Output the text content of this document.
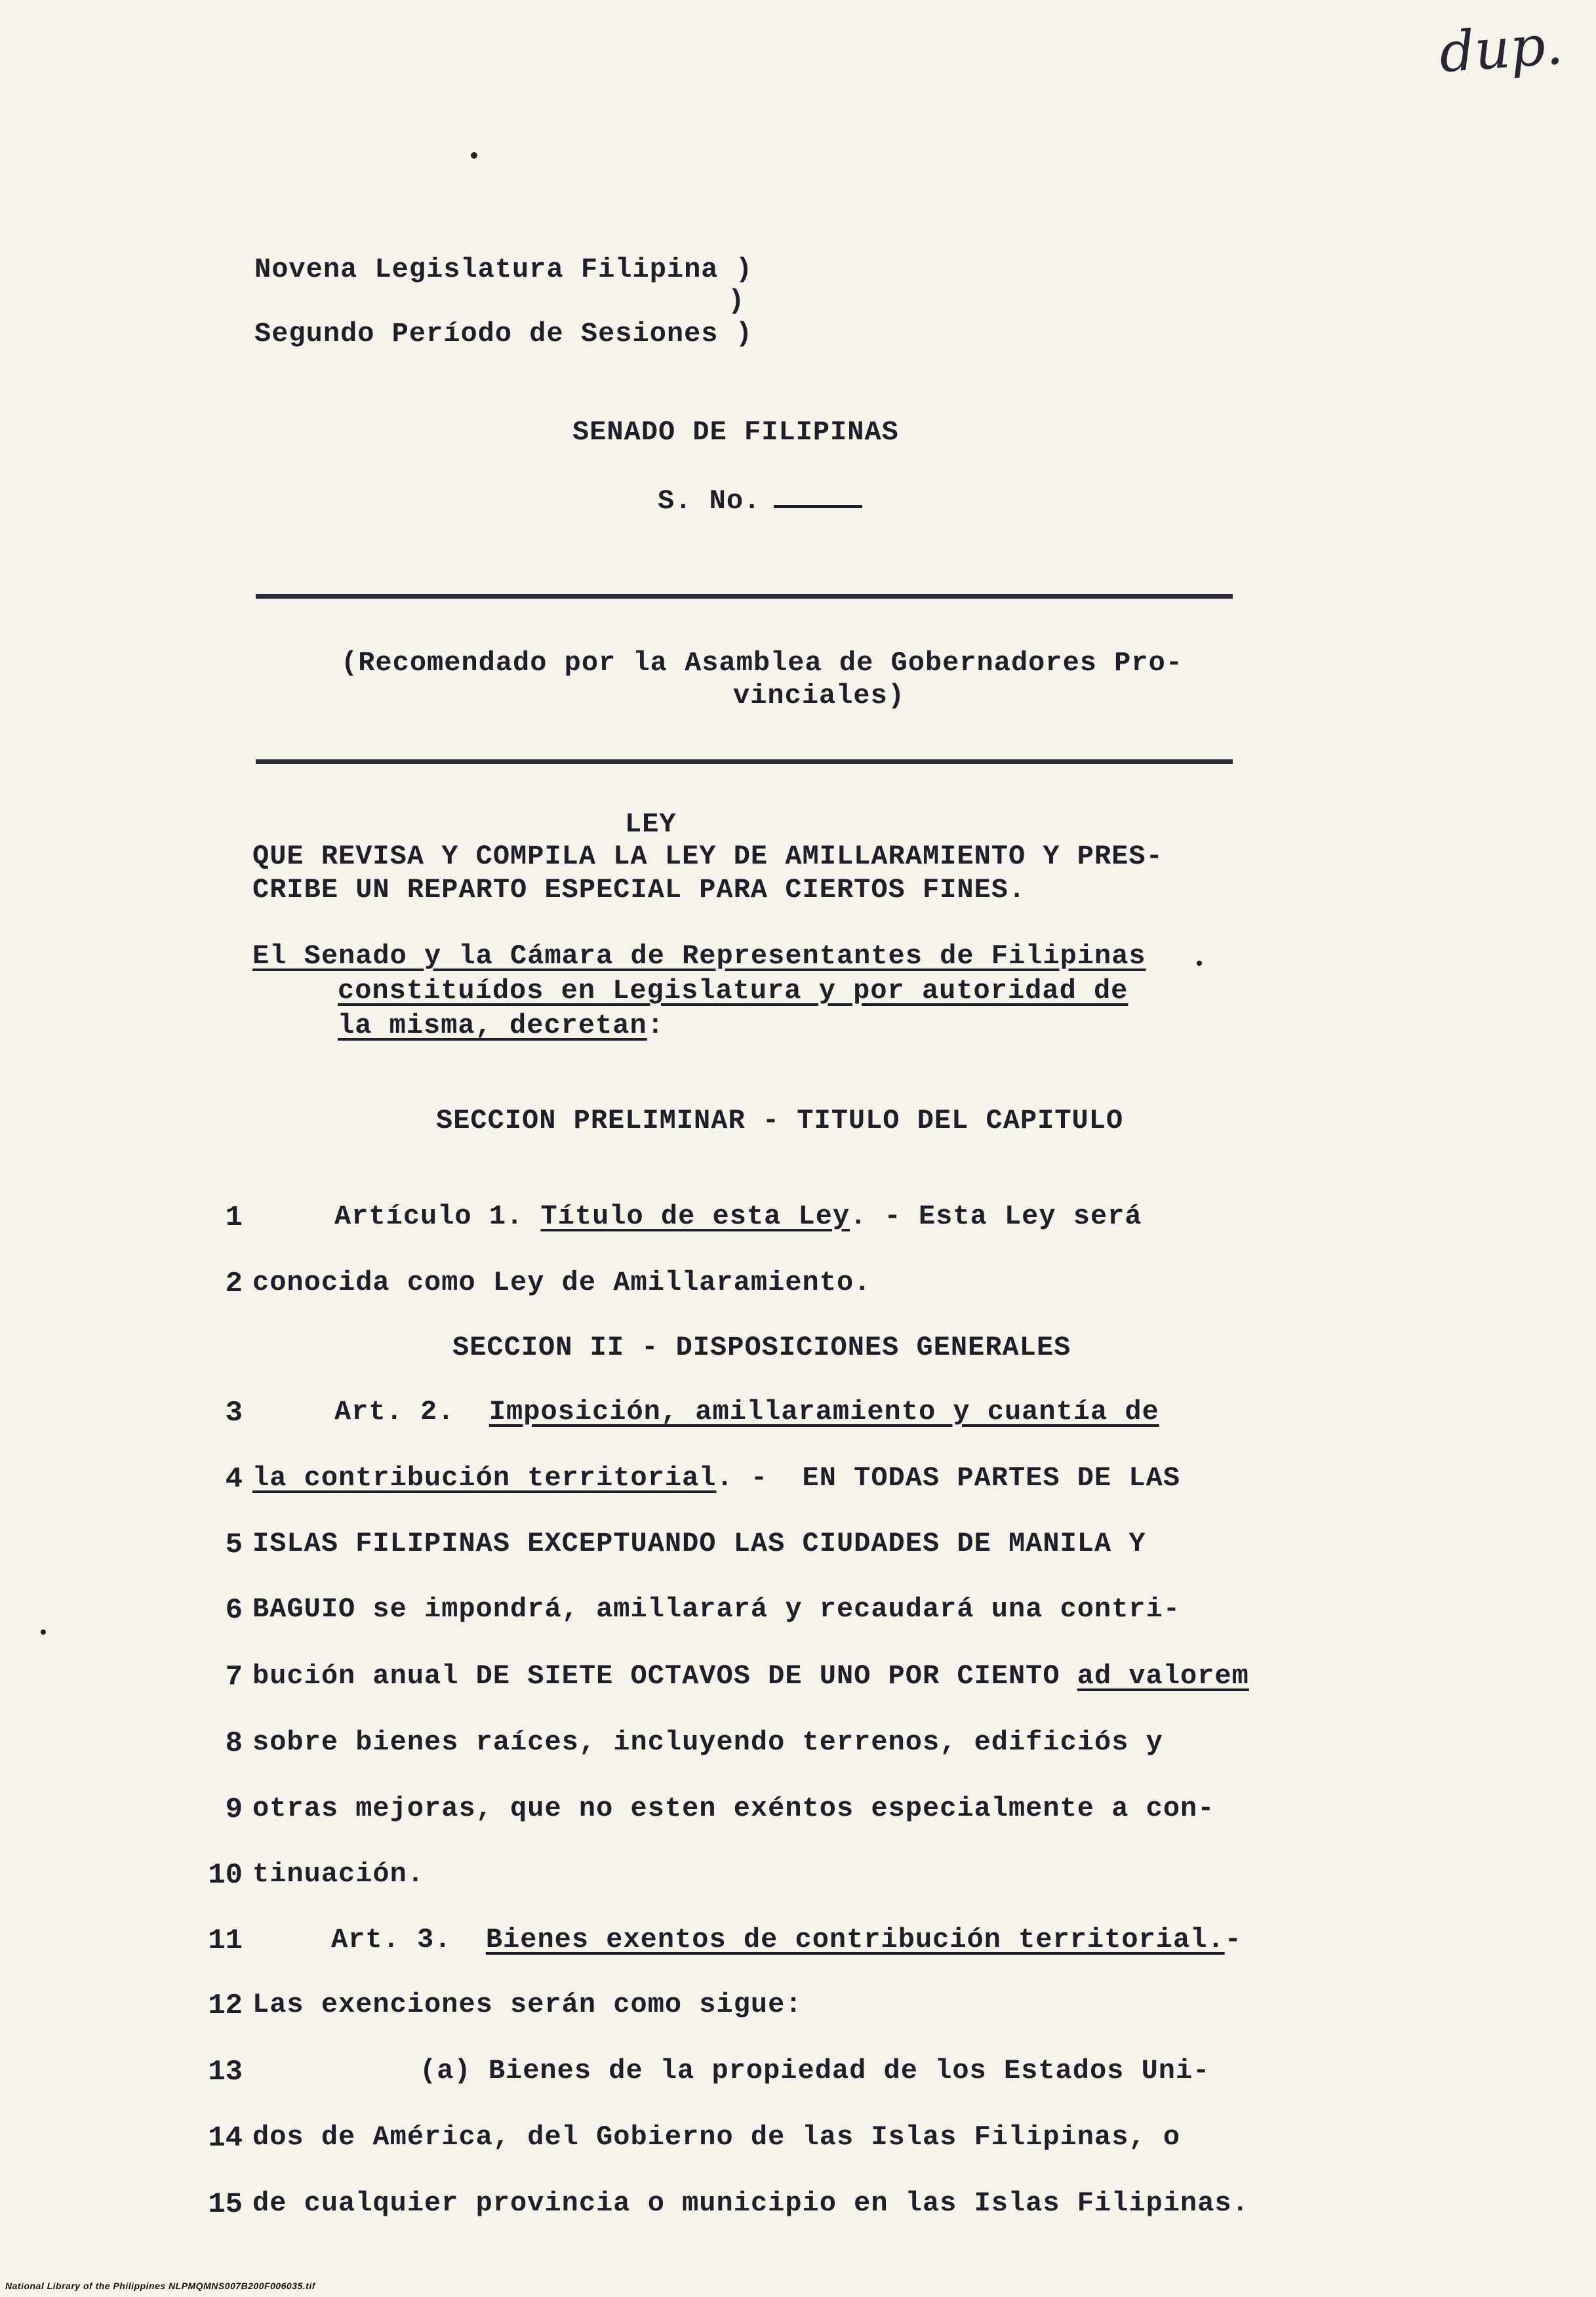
dup.
Novena Legislatura Filipina )
)
Segundo Período de Sesiones )
SENADO DE FILIPINAS
S. No.
(Recomendado por la Asamblea de Gobernadores Pro-
vinciales)
LEY
QUE REVISA Y COMPILA LA LEY DE AMILLARAMIENTO Y PRES-
CRIBE UN REPARTO ESPECIAL PARA CIERTOS FINES.
El Senado y la Cámara de Representantes de Filipinas
constituídos en Legislatura y por autoridad de
la misma, decretan:
SECCION PRELIMINAR - TITULO DEL CAPITULO
SECCION II - DISPOSICIONES GENERALES
1	Artículo 1. Título de esta Ley. - Esta Ley será
2 conocida como Ley de Amillaramiento.
3	Art. 2.  Imposición, amillaramiento y cuantía de
4 la contribución territorial. -  EN TODAS PARTES DE LAS
5 ISLAS FILIPINAS EXCEPTUANDO LAS CIUDADES DE MANILA Y
6 BAGUIO se impondrá, amillarará y recaudará una contri-
7 bución anual DE SIETE OCTAVOS DE UNO POR CIENTO ad valorem
8 sobre bienes raíces, incluyendo terrenos, edificiós y
9 otras mejoras, que no esten exéntos especialmente a con-
10 tinuación.
11	Art. 3.  Bienes exentos de contribución territorial.-
12 Las exenciones serán como sigue:
13	(a) Bienes de la propiedad de los Estados Uni-
14 dos de América, del Gobierno de las Islas Filipinas, o
15 de cualquier provincia o municipio en las Islas Filipinas.
National Library of the Philippines NLPMQMNS007B200F006035.tif
